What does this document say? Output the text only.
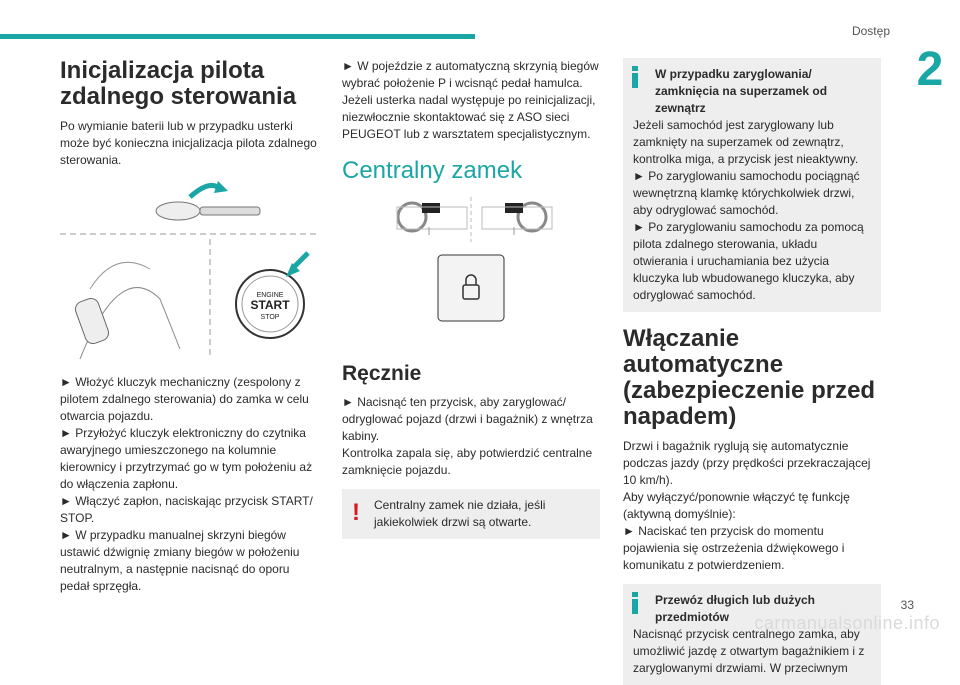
Dostęp
2
Inicjalizacja pilota zdalnego sterowania

Po wymianie baterii lub w przypadku usterki może być konieczna inicjalizacja pilota zdalnego sterowania.

ENGINE
START
STOP

► Włożyć kluczyk mechaniczny (zespolony z pilotem zdalnego sterowania) do zamka w celu otwarcia pojazdu.

► Przyłożyć kluczyk elektroniczny do czytnika awaryjnego umieszczonego na kolumnie kierownicy i przytrzymać go w tym położeniu aż do włączenia zapłonu.

► Włączyć zapłon, naciskając przycisk START/ STOP.

► W przypadku manualnej skrzyni biegów ustawić dźwignię zmiany biegów w położeniu neutralnym, a następnie nacisnąć do oporu pedał sprzęgła.

► W pojeździe z automatyczną skrzynią biegów wybrać położenie P i wcisnąć pedał hamulca.

Jeżeli usterka nadal występuje po reinicjalizacji, niezwłocznie skontaktować się z ASO sieci PEUGEOT lub z warsztatem specjalistycznym.

Centralny zamek
Ręcznie

► Nacisnąć ten przycisk, aby zaryglować/ odryglować pojazd (drzwi i bagażnik) z wnętrza kabiny.

Kontrolka zapala się, aby potwierdzić centralne zamknięcie pojazdu.

!	Centralny zamek nie działa, jeśli jakiekolwiek drzwi są otwarte.

W przypadku zaryglowania/ zamknięcia na superzamek od zewnątrz

Jeżeli samochód jest zaryglowany lub zamknięty na superzamek od zewnątrz, kontrolka miga, a przycisk jest nieaktywny.

► Po zaryglowaniu samochodu pociągnąć wewnętrzną klamkę którychkolwiek drzwi, aby odryglować samochód.

► Po zaryglowaniu samochodu za pomocą pilota zdalnego sterowania, układu otwierania i uruchamiania bez użycia kluczyka lub wbudowanego kluczyka, aby odryglować samochód.

Włączanie automatyczne (zabezpieczenie przed napadem)

Drzwi i bagażnik ryglują się automatycznie podczas jazdy (przy prędkości przekraczającej 10 km/h).

Aby wyłączyć/ponownie włączyć tę funkcję (aktywną domyślnie):

► Naciskać ten przycisk do momentu pojawienia się ostrzeżenia dźwiękowego i komunikatu z potwierdzeniem.

Przewóz długich lub dużych przedmiotów

Nacisnąć przycisk centralnego zamka, aby umożliwić jazdę z otwartym bagażnikiem i z zaryglowanymi drzwiami. W przeciwnym

carmanualsonline.info
33
